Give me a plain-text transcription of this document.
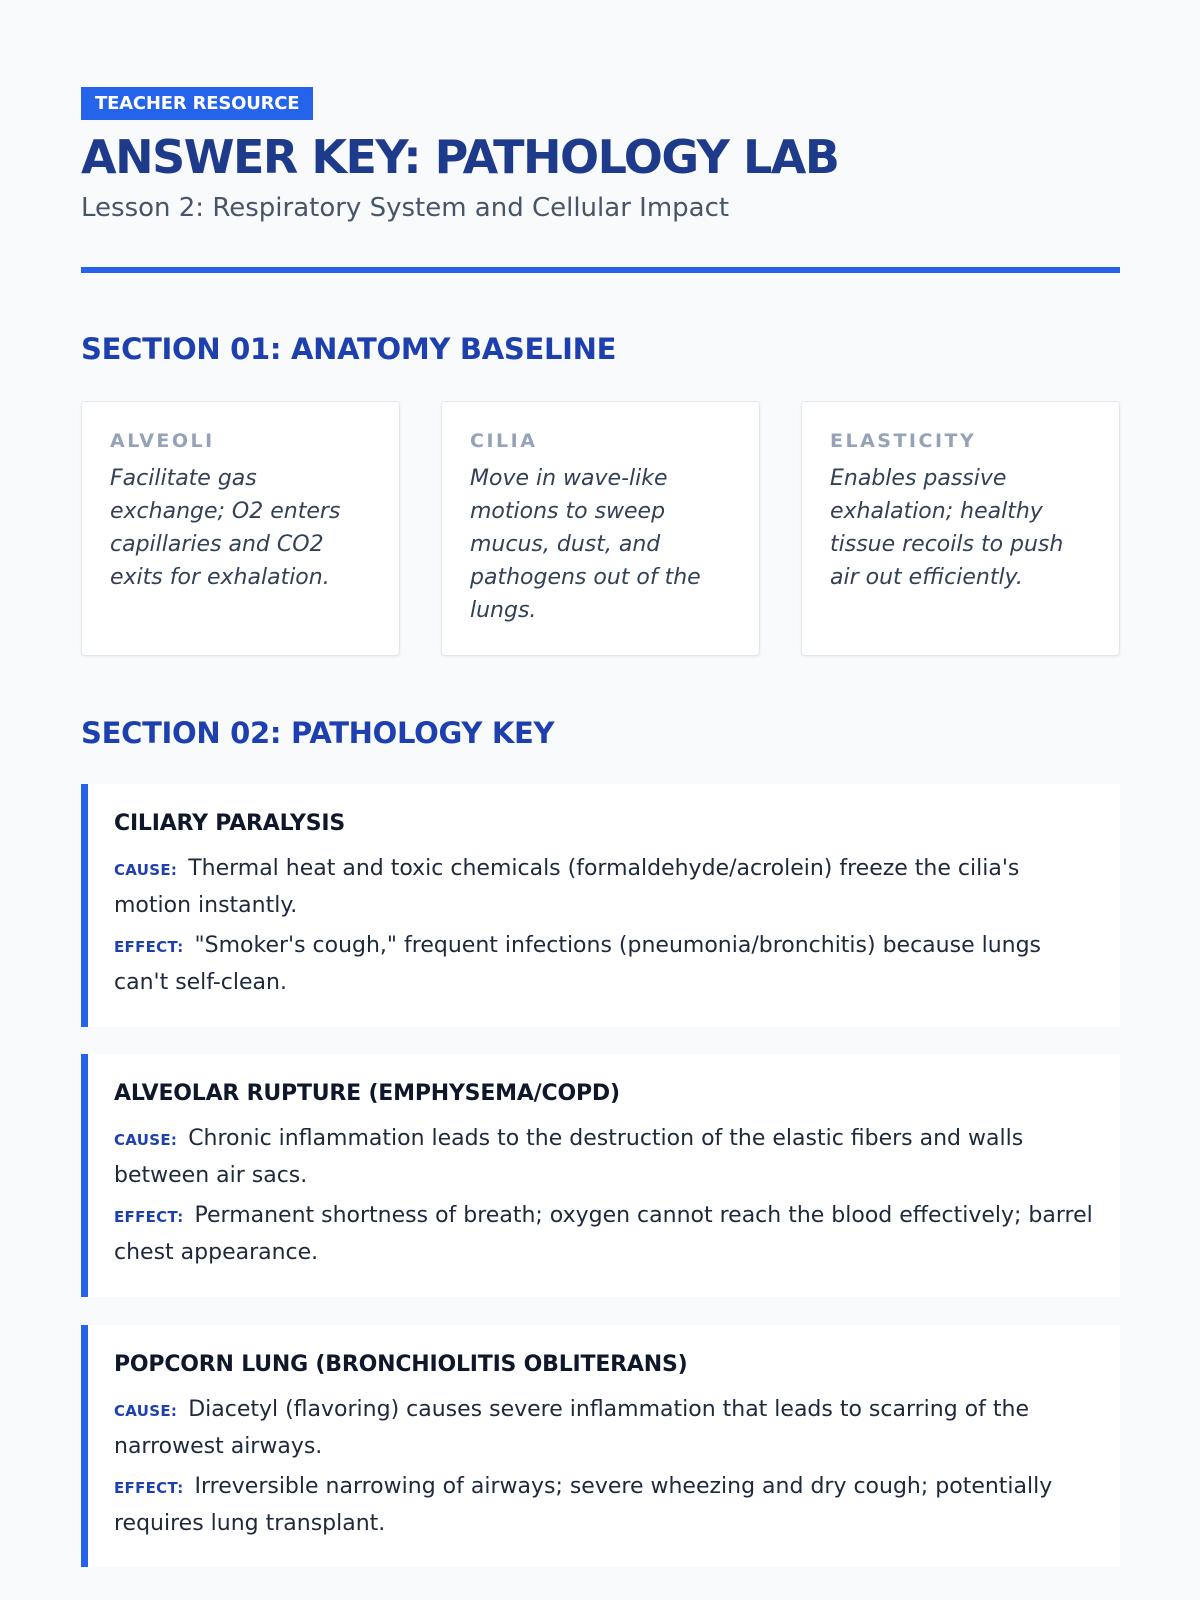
TEACHER RESOURCE
ANSWER KEY: PATHOLOGY LAB
Lesson 2: Respiratory System and Cellular Impact
SECTION 01: ANATOMY BASELINE
ALVEOLI

Facilitate gas exchange; O2 enters capillaries and CO2 exits for exhalation.

CILIA

Move in wave-like motions to sweep mucus, dust, and pathogens out of the lungs.

ELASTICITY

Enables passive exhalation; healthy tissue recoils to push air out efficiently.

SECTION 02: PATHOLOGY KEY
CILIARY PARALYSIS

CAUSE: Thermal heat and toxic chemicals (formaldehyde/acrolein) freeze the cilia's motion instantly.

EFFECT: "Smoker's cough," frequent infections (pneumonia/bronchitis) because lungs can't self-clean.

ALVEOLAR RUPTURE (EMPHYSEMA/COPD)

CAUSE: Chronic inflammation leads to the destruction of the elastic fibers and walls between air sacs.

EFFECT: Permanent shortness of breath; oxygen cannot reach the blood effectively; barrel chest appearance.

POPCORN LUNG (BRONCHIOLITIS OBLITERANS)

CAUSE: Diacetyl (flavoring) causes severe inflammation that leads to scarring of the narrowest airways.

EFFECT: Irreversible narrowing of airways; severe wheezing and dry cough; potentially requires lung transplant.
